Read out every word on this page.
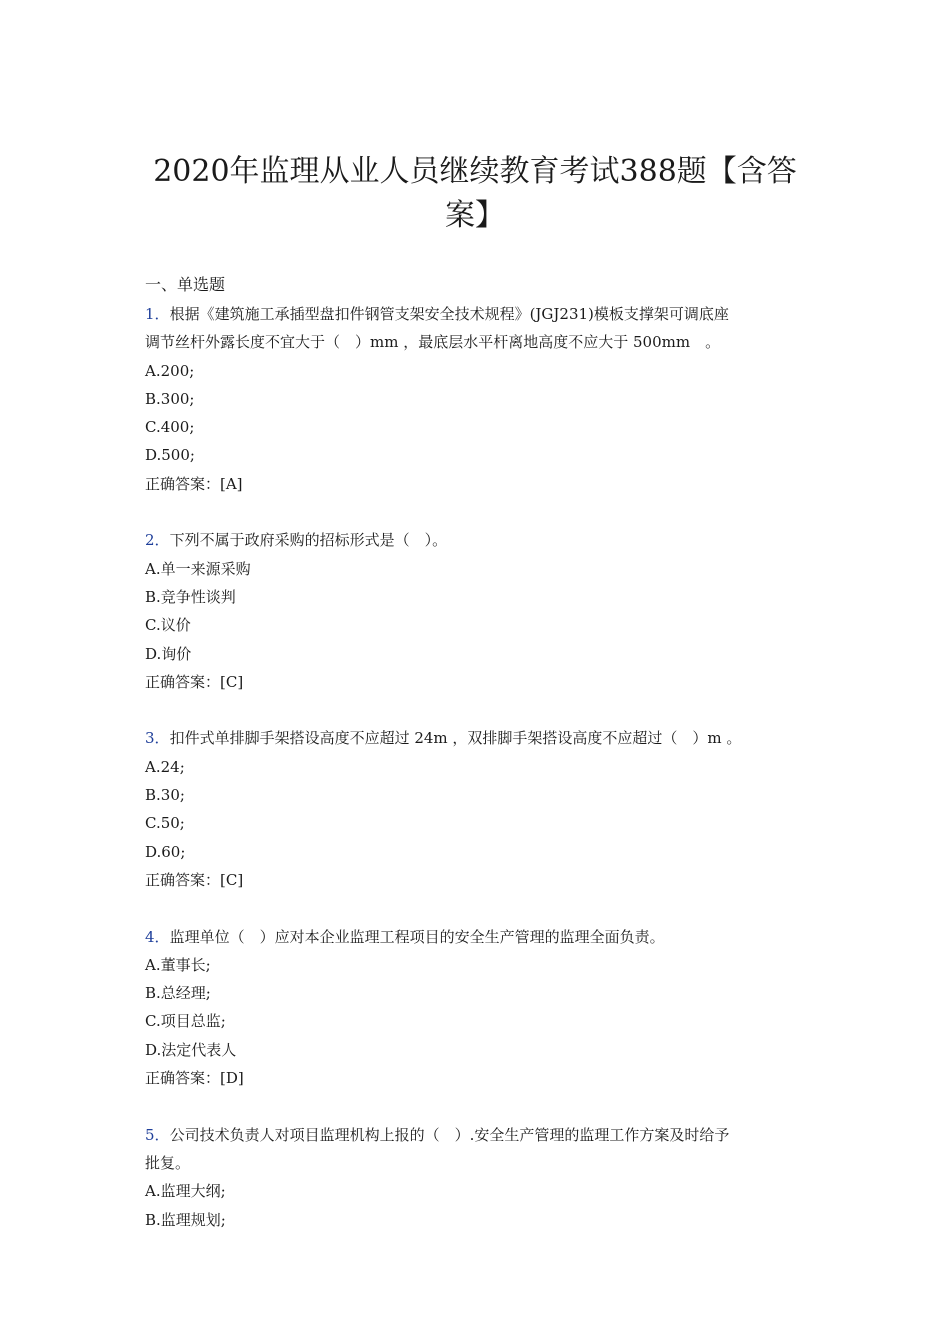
2020年监理从业人员继续教育考试388题【含答
案】
一、单选题
1．根据《建筑施工承插型盘扣件钢管支架安全技术规程》(JGJ231)模板支撑架可调底座
调节丝杆外露长度不宜大于（　）mm ，最底层水平杆离地高度不应大于 500mm　。
A.200;
B.300;
C.400;
D.500;
正确答案：[A]
2．下列不属于政府采购的招标形式是（　）。
A.单一来源采购
B.竞争性谈判
C.议价
D.询价
正确答案：[C]
3．扣件式单排脚手架搭设高度不应超过 24m ，双排脚手架搭设高度不应超过（　）m 。
A.24;
B.30;
C.50;
D.60;
正确答案：[C]
4．监理单位（　）应对本企业监理工程项目的安全生产管理的监理全面负责。
A.董事长;
B.总经理;
C.项目总监;
D.法定代表人
正确答案：[D]
5．公司技术负责人对项目监理机构上报的（　）.安全生产管理的监理工作方案及时给予
批复。
A.监理大纲;
B.监理规划;
